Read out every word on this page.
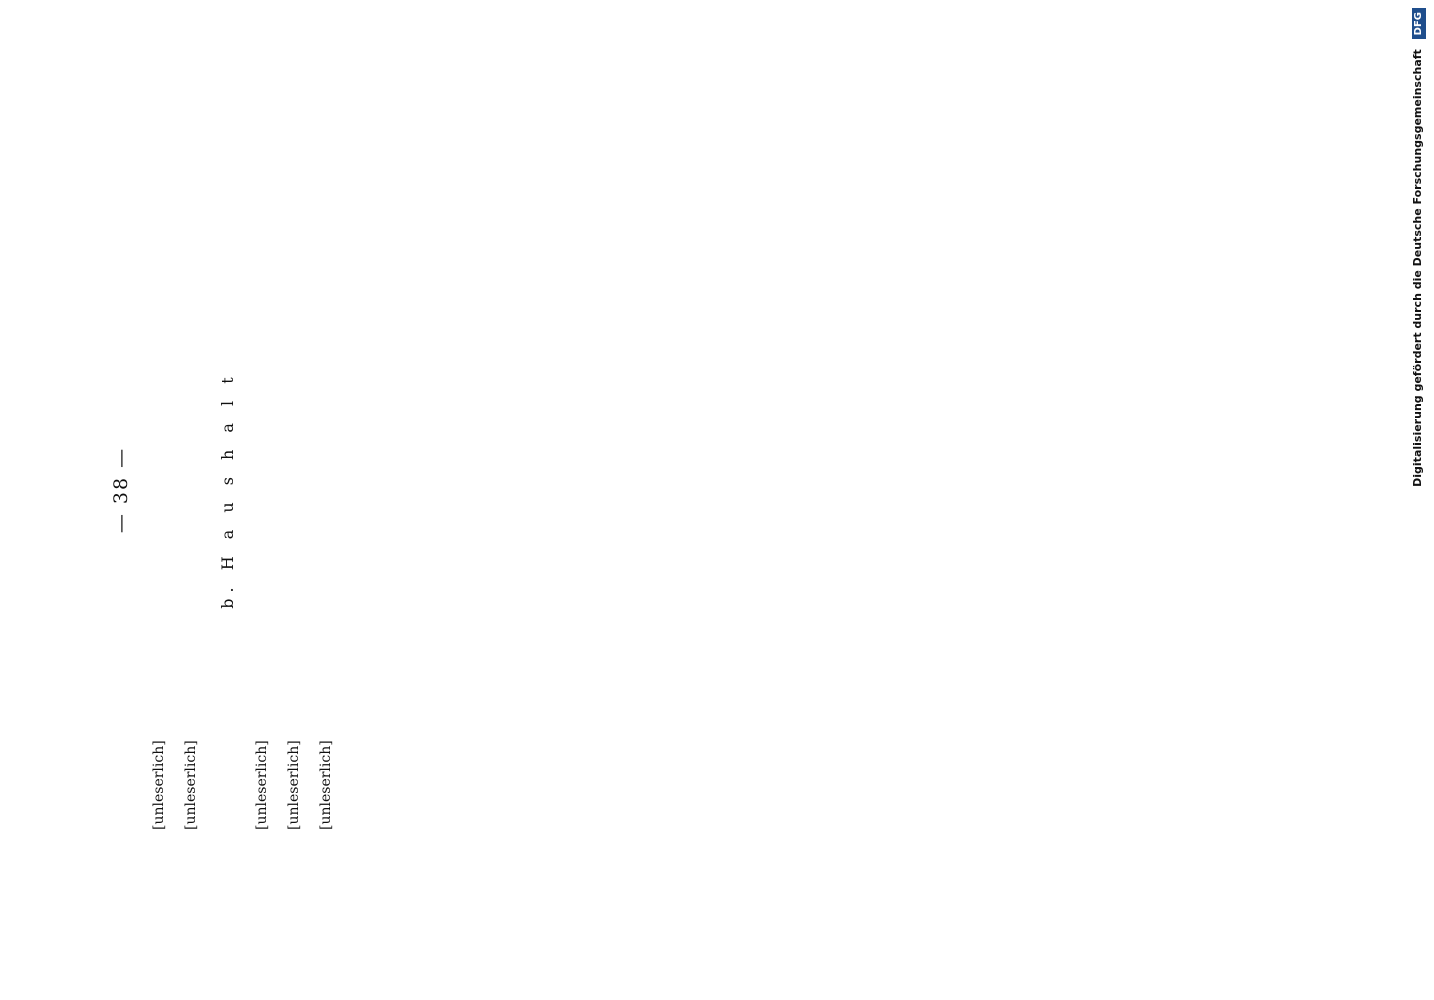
— 38 —

[unleserlich] [unleserlich]

b. H a u s h a l t

[unleserlich] [unleserlich] [unleserlich]

Digitalisierung gefördert durch die Deutsche Forschungsgemeinschaft DFG
